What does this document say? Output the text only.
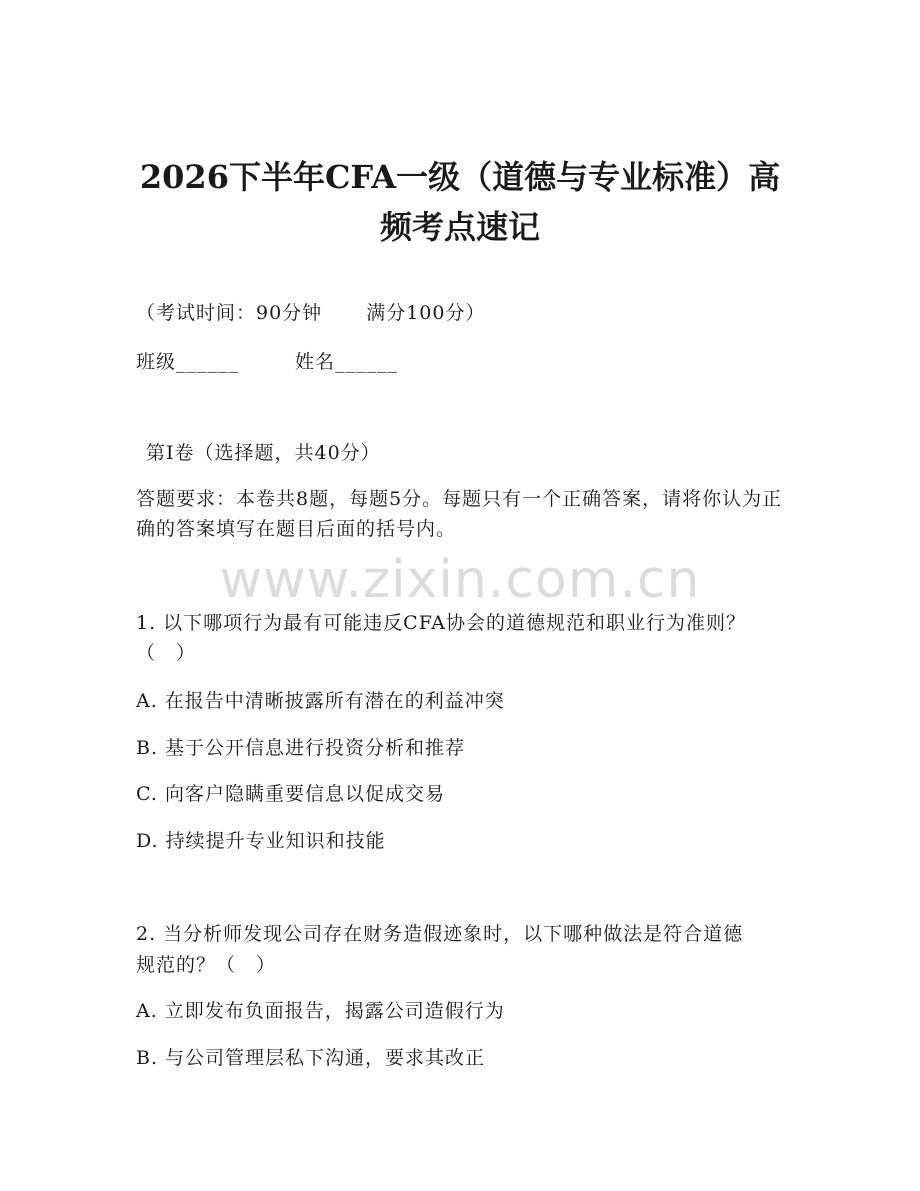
2026下半年CFA一级（道德与专业标准）高
频考点速记
（考试时间：90分钟 满分100分）
班级______	姓名______
第I卷（选择题，共40分）
答题要求：本卷共8题，每题5分。每题只有一个正确答案，请将你认为正确的答案填写在题目后面的括号内。
www.zixin.com.cn
1. 以下哪项行为最有可能违反CFA协会的道德规范和职业行为准则？
（　）
A. 在报告中清晰披露所有潜在的利益冲突
B. 基于公开信息进行投资分析和推荐
C. 向客户隐瞒重要信息以促成交易
D. 持续提升专业知识和技能
2. 当分析师发现公司存在财务造假迹象时，以下哪种做法是符合道德
规范的？（　）
A. 立即发布负面报告，揭露公司造假行为
B. 与公司管理层私下沟通，要求其改正
